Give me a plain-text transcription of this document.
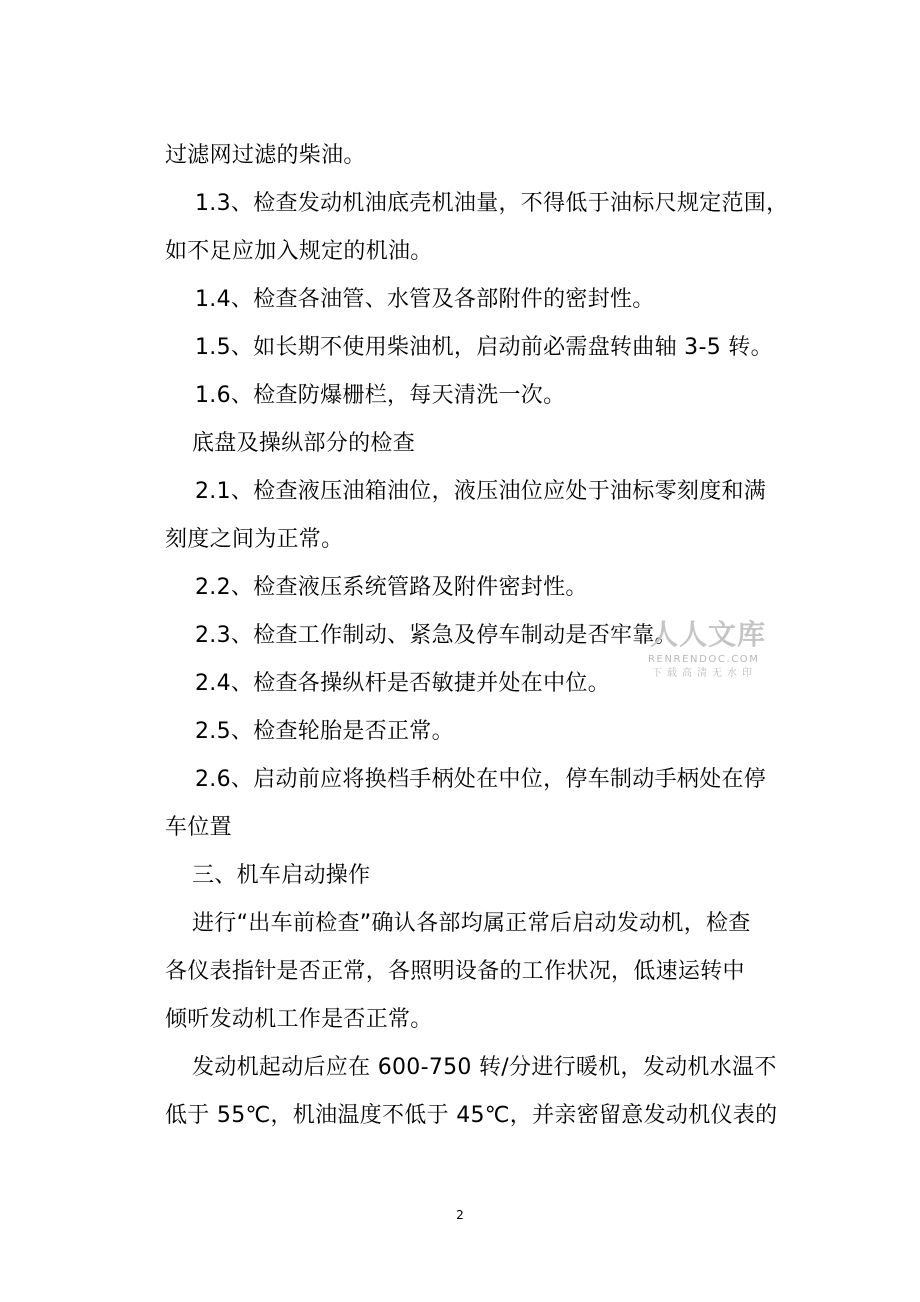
过滤网过滤的柴油。
1.3、检查发动机油底壳机油量，不得低于油标尺规定范围，
如不足应加入规定的机油。
1.4、检查各油管、水管及各部附件的密封性。
1.5、如长期不使用柴油机，启动前必需盘转曲轴 3-5 转。
1.6、检查防爆栅栏，每天清洗一次。
底盘及操纵部分的检查
2.1、检查液压油箱油位，液压油位应处于油标零刻度和满
刻度之间为正常。
2.2、检查液压系统管路及附件密封性。
2.3、检查工作制动、紧急及停车制动是否牢靠。
2.4、检查各操纵杆是否敏捷并处在中位。
2.5、检查轮胎是否正常。
2.6、启动前应将换档手柄处在中位，停车制动手柄处在停
车位置
三、机车启动操作
进行“出车前检查”确认各部均属正常后启动发动机，检查
各仪表指针是否正常，各照明设备的工作状况，低速运转中
倾听发动机工作是否正常。
发动机起动后应在 600-750 转/分进行暖机，发动机水温不
低于 55℃，机油温度不低于 45℃，并亲密留意发动机仪表的
人人文库
RENRENDOC.COM
下载高清无水印
2
